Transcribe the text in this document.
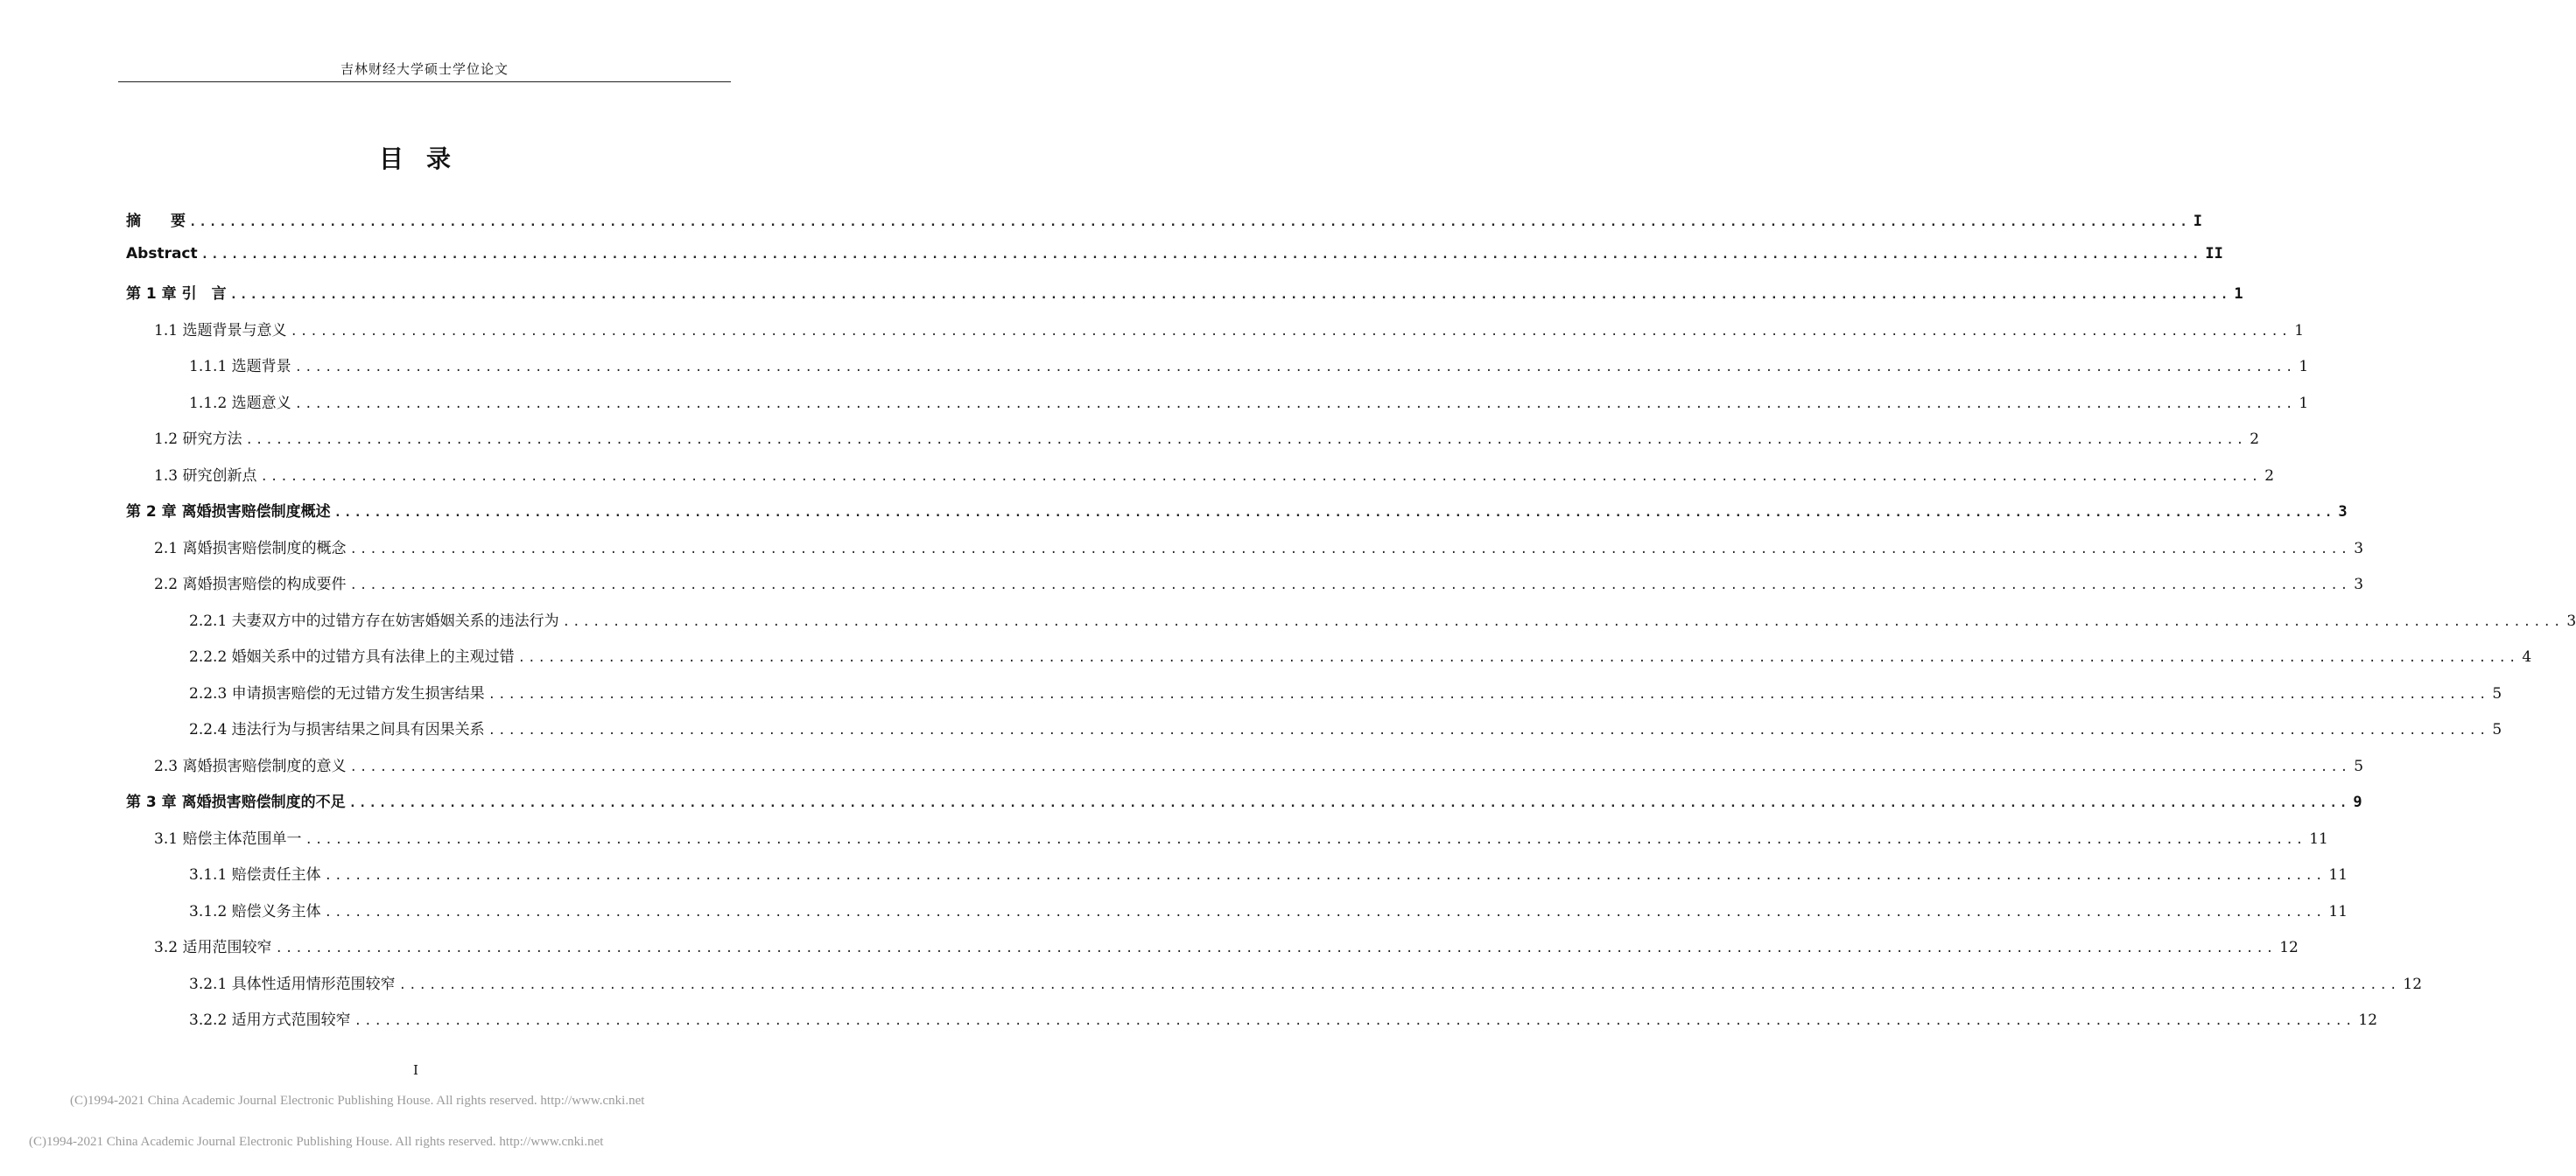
吉林财经大学硕士学位论文
目录
摘　　要 ........................................................................................................................................................................................................ I
Abstract ........................................................................................................................................................................................................ II
第 1 章 引　言 ........................................................................................................................................................................................................ 1
1.1 选题背景与意义 ........................................................................................................................................................................................................ 1
1.1.1 选题背景 ........................................................................................................................................................................................................ 1
1.1.2 选题意义 ........................................................................................................................................................................................................ 1
1.2 研究方法 ........................................................................................................................................................................................................ 2
1.3 研究创新点 ........................................................................................................................................................................................................ 2
第 2 章 离婚损害赔偿制度概述 ........................................................................................................................................................................................................ 3
2.1 离婚损害赔偿制度的概念 ........................................................................................................................................................................................................ 3
2.2 离婚损害赔偿的构成要件 ........................................................................................................................................................................................................ 3
2.2.1 夫妻双方中的过错方存在妨害婚姻关系的违法行为 ........................................................................................................................................................................................................ 3
2.2.2 婚姻关系中的过错方具有法律上的主观过错 ........................................................................................................................................................................................................ 4
2.2.3 申请损害赔偿的无过错方发生损害结果 ........................................................................................................................................................................................................ 5
2.2.4 违法行为与损害结果之间具有因果关系 ........................................................................................................................................................................................................ 5
2.3 离婚损害赔偿制度的意义 ........................................................................................................................................................................................................ 5
第 3 章 离婚损害赔偿制度的不足 ........................................................................................................................................................................................................ 9
3.1 赔偿主体范围单一 ........................................................................................................................................................................................................ 11
3.1.1 赔偿责任主体 ........................................................................................................................................................................................................ 11
3.1.2 赔偿义务主体 ........................................................................................................................................................................................................ 11
3.2 适用范围较窄 ........................................................................................................................................................................................................ 12
3.2.1 具体性适用情形范围较窄 ........................................................................................................................................................................................................ 12
3.2.2 适用方式范围较窄 ........................................................................................................................................................................................................ 12
I
(C)1994-2021 China Academic Journal Electronic Publishing House. All rights reserved. http://www.cnki.net
(C)1994-2021 China Academic Journal Electronic Publishing House. All rights reserved. http://www.cnki.net
